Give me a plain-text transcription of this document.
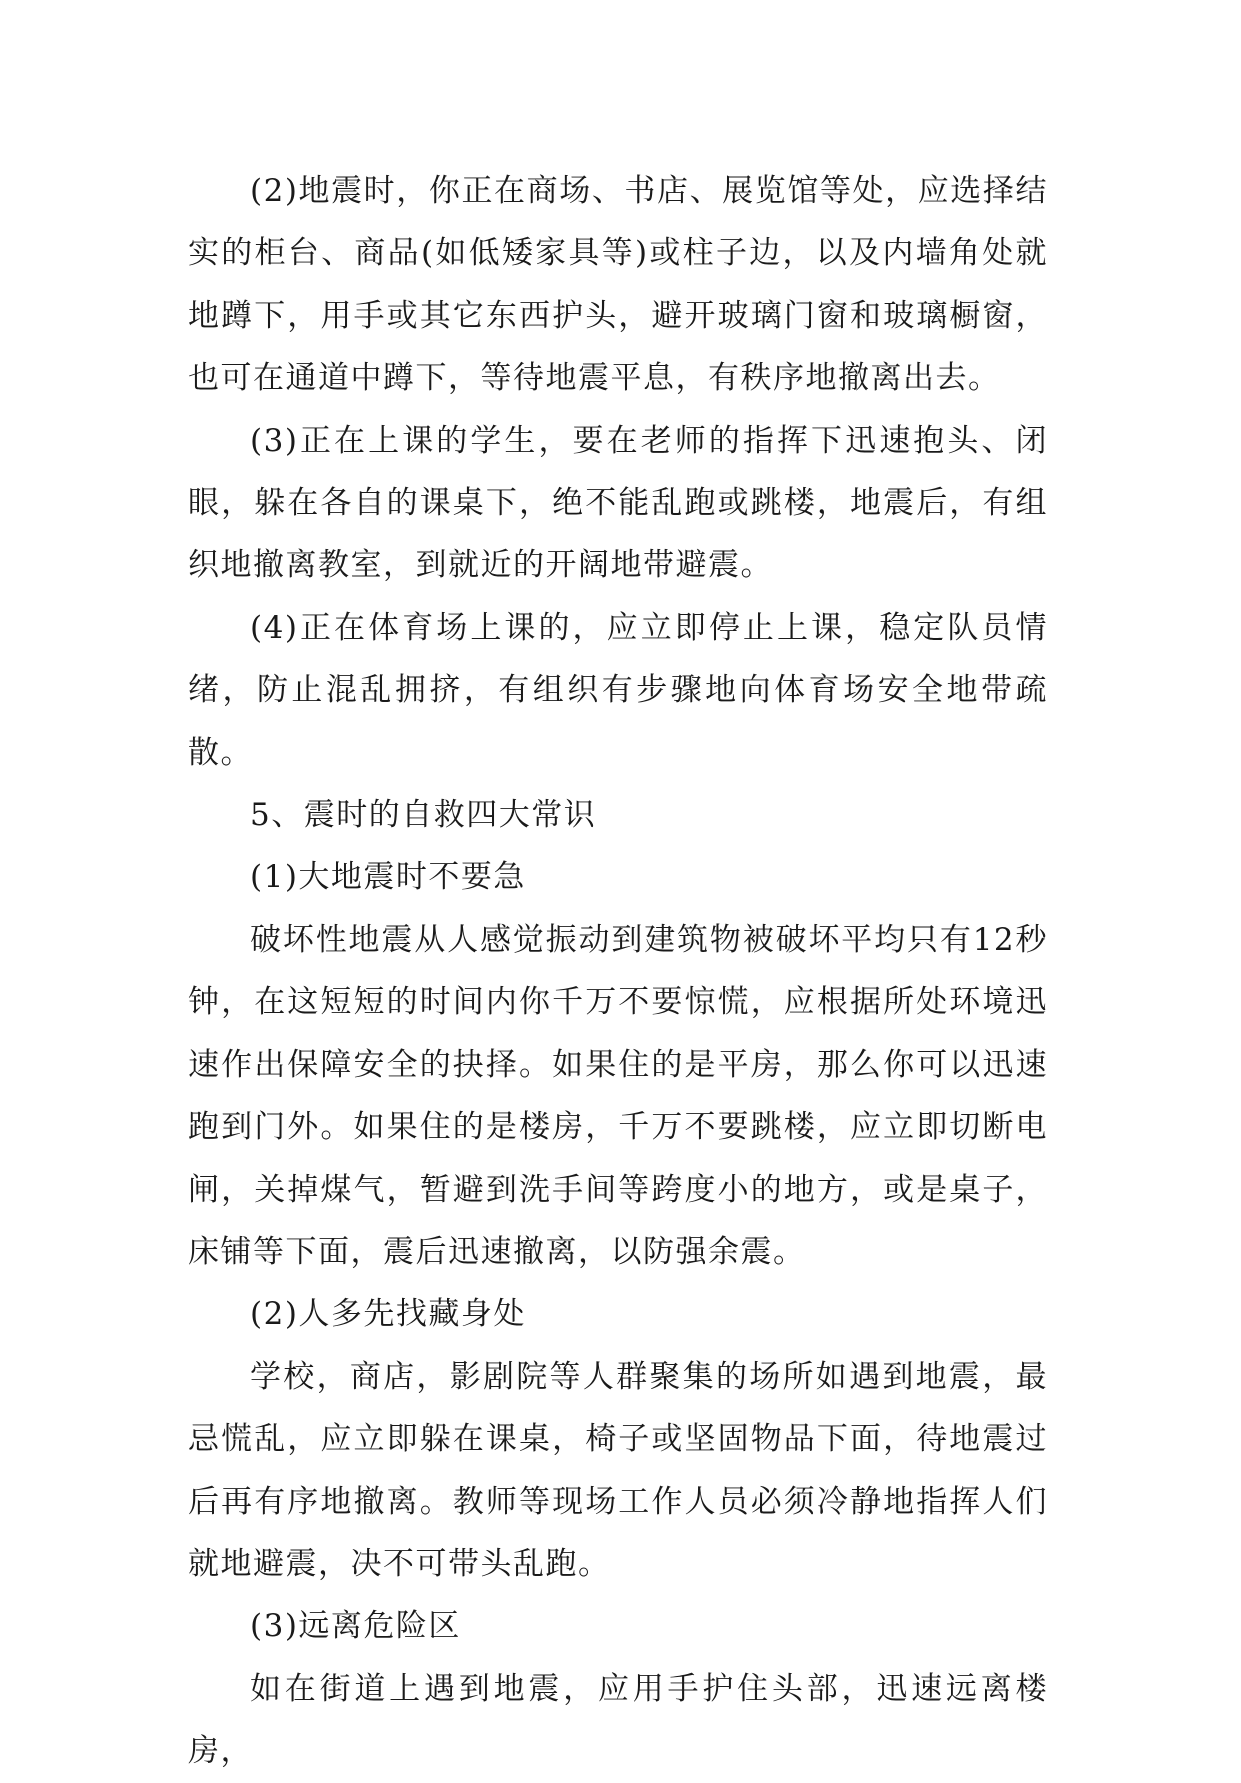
(2)地震时，你正在商场、书店、展览馆等处，应选择结实的柜台、商品(如低矮家具等)或柱子边，以及内墙角处就地蹲下，用手或其它东西护头，避开玻璃门窗和玻璃橱窗，也可在通道中蹲下，等待地震平息，有秩序地撤离出去。

(3)正在上课的学生，要在老师的指挥下迅速抱头、闭眼，躲在各自的课桌下，绝不能乱跑或跳楼，地震后，有组织地撤离教室，到就近的开阔地带避震。

(4)正在体育场上课的，应立即停止上课，稳定队员情绪，防止混乱拥挤，有组织有步骤地向体育场安全地带疏散。

5、震时的自救四大常识

(1)大地震时不要急

破坏性地震从人感觉振动到建筑物被破坏平均只有12秒钟，在这短短的时间内你千万不要惊慌，应根据所处环境迅速作出保障安全的抉择。如果住的是平房，那么你可以迅速跑到门外。如果住的是楼房，千万不要跳楼，应立即切断电闸，关掉煤气，暂避到洗手间等跨度小的地方，或是桌子，床铺等下面，震后迅速撤离，以防强余震。

(2)人多先找藏身处

学校，商店，影剧院等人群聚集的场所如遇到地震，最忌慌乱，应立即躲在课桌，椅子或坚固物品下面，待地震过后再有序地撤离。教师等现场工作人员必须冷静地指挥人们就地避震，决不可带头乱跑。

(3)远离危险区

如在街道上遇到地震，应用手护住头部，迅速远离楼房，
